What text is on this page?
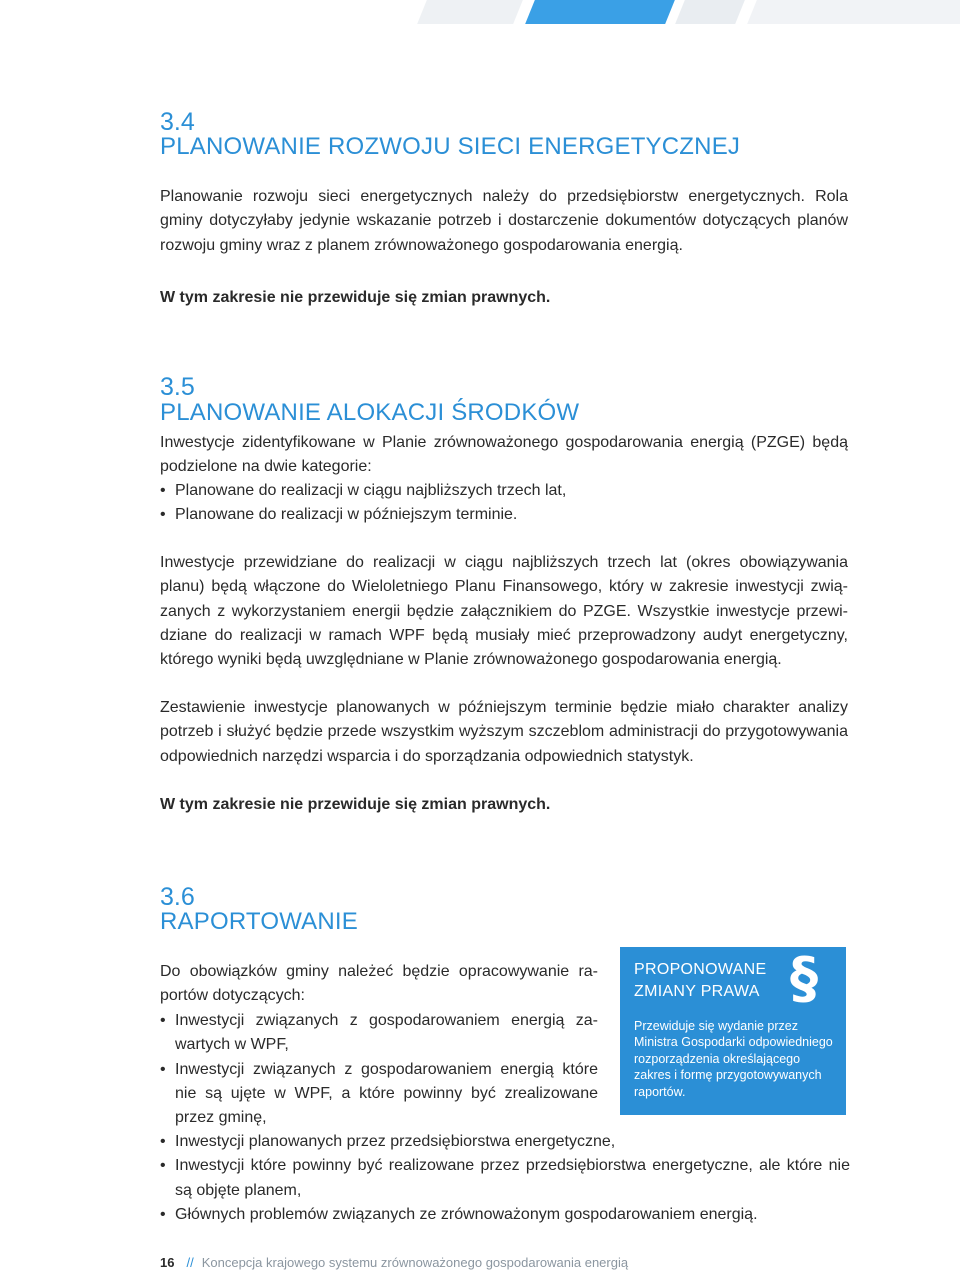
3.4
PLANOWANIE ROZWOJU SIECI ENERGETYCZNEJ

Planowanie rozwoju sieci energetycznych należy do przedsiębiorstw energetycznych. Rola gminy dotyczyłaby jedynie wskazanie potrzeb i dostarczenie dokumentów dotyczących planów rozwoju gminy wraz z planem zrównoważonego gospodarowania energią.

W tym zakresie nie przewiduje się zmian prawnych.

3.5
PLANOWANIE ALOKACJI ŚRODKÓW

Inwestycje zidentyfikowane w Planie zrównoważonego gospodarowania energią (PZGE) będą podzielone na dwie kategorie:

• Planowane do realizacji w ciągu najbliższych trzech lat,
• Planowane do realizacji w późniejszym terminie.

Inwestycje przewidziane do realizacji w ciągu najbliższych trzech lat (okres obowiązywania planu) będą włączone do Wieloletniego Planu Finansowego, który w zakresie inwestycji związanych z wykorzystaniem energii będzie załącznikiem do PZGE. Wszystkie inwestycje przewidziane do realizacji w ramach WPF będą musiały mieć przeprowadzony audyt energetyczny, którego wyniki będą uwzględniane w Planie zrównoważonego gospodarowania energią.

Zestawienie inwestycje planowanych w późniejszym terminie będzie miało charakter analizy potrzeb i służyć będzie przede wszystkim wyższym szczeblom administracji do przygotowywania odpowiednich narzędzi wsparcia i do sporządzania odpowiednich statystyk.

W tym zakresie nie przewiduje się zmian prawnych.

3.6
RAPORTOWANIE

Do obowiązków gminy należeć będzie opracowywanie raportów dotyczących:

• Inwestycji związanych z gospodarowaniem energią zawartych w WPF,
• Inwestycji związanych z gospodarowaniem energią które nie są ujęte w WPF, a które powinny być zrealizowane przez gminę,
• Inwestycji planowanych przez przedsiębiorstwa energetyczne,
• Inwestycji które powinny być realizowane przez przedsiębiorstwa energetyczne, ale które nie są objęte planem,
• Głównych problemów związanych ze zrównoważonym gospodarowaniem energią.
PROPONOWANE ZMIANY PRAWA §
Przewiduje się wydanie przez Ministra Gospodarki odpowiedniego rozporządzenia określającego zakres i formę przygotowywanych raportów.
16 // Koncepcja krajowego systemu zrównoważonego gospodarowania energią
